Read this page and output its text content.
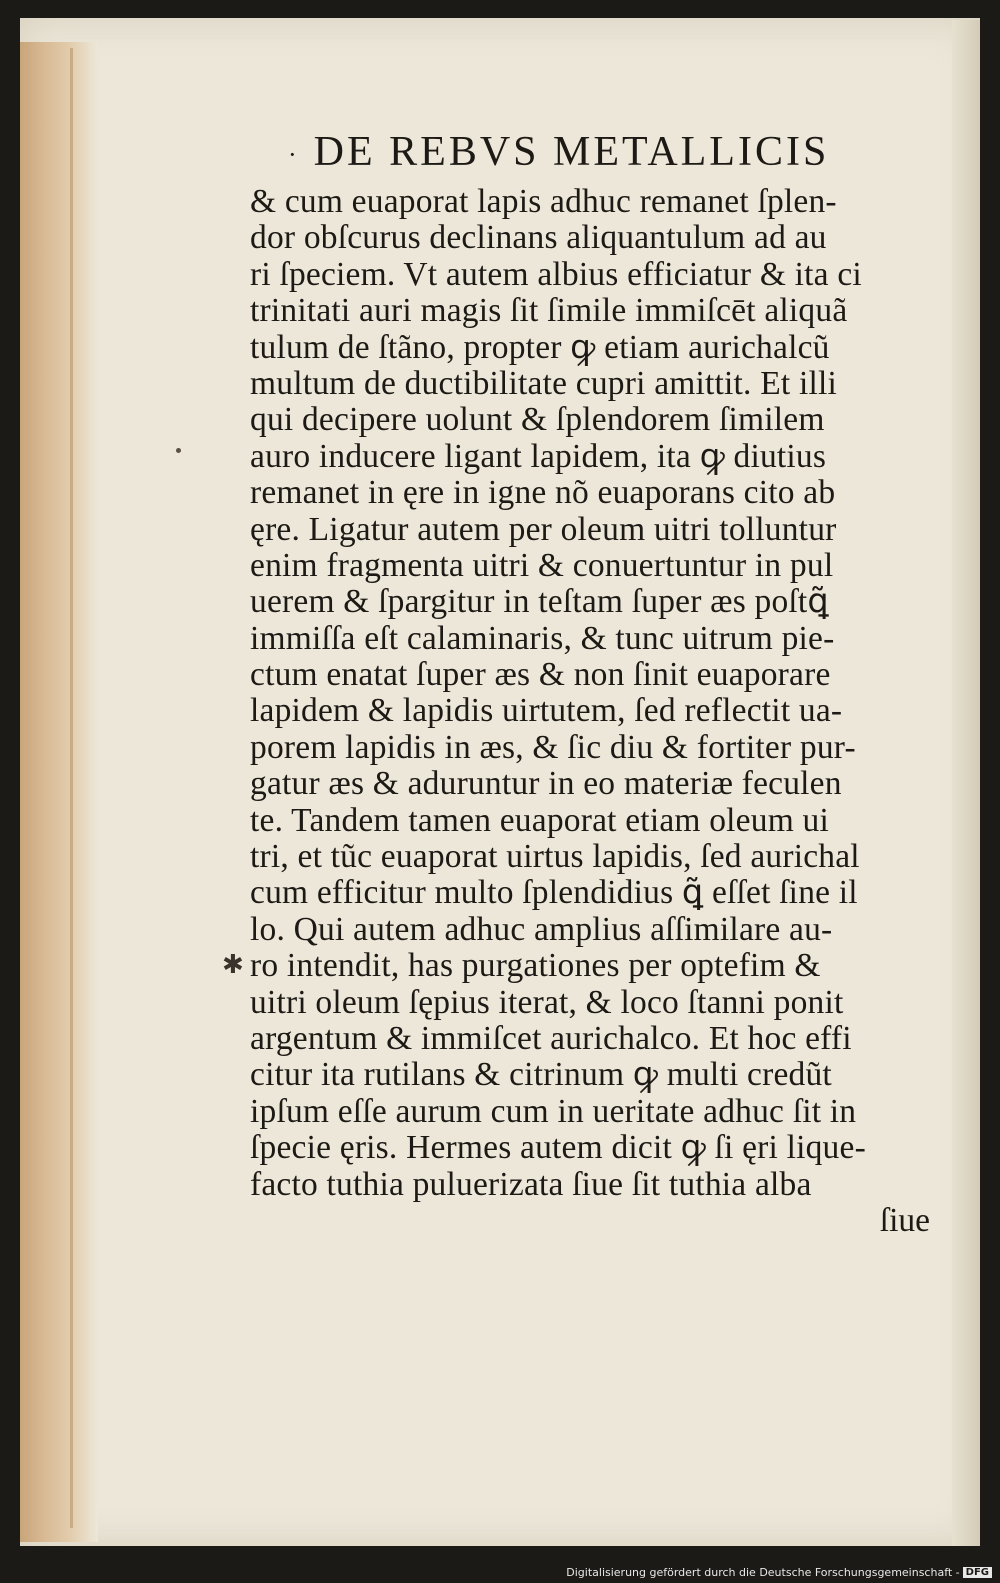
✱
· DE REBVS METALLICIS
& cum euaporat lapis adhuc remanet ſplen-
dor obſcurus declinans aliquantulum ad au
ri ſpeciem. Vt autem albius efficiatur & ita ci
trinitati auri magis ſit ſimile immiſcēt aliquã
tulum de ſtãno, propter ꝙ etiam aurichalcũ
multum de ductibilitate cupri amittit. Et illi
qui decipere uolunt & ſplendorem ſimilem
auro inducere ligant lapidem, ita ꝙ diutius
remanet in ęre in igne nõ euaporans cito ab
ęre. Ligatur autem per oleum uitri tolluntur
enim fragmenta uitri & conuertuntur in pul
uerem & ſpargitur in teſtam ſuper æs poſtꝗ̃
immiſſa eſt calaminaris, & tunc uitrum pie-
ctum enatat ſuper æs & non ſinit euaporare
lapidem & lapidis uirtutem, ſed reflectit ua-
porem lapidis in æs, & ſic diu & fortiter pur-
gatur æs & aduruntur in eo materiæ feculen
te. Tandem tamen euaporat etiam oleum ui
tri, et tũc euaporat uirtus lapidis, ſed aurichal
cum efficitur multo ſplendidius ꝗ̃ eſſet ſine il
lo. Qui autem adhuc amplius aſſimilare au-
ro intendit, has purgationes per optefim &
uitri oleum ſępius iterat, & loco ſtanni ponit
argentum & immiſcet aurichalco. Et hoc effi
citur ita rutilans & citrinum ꝙ multi credũt
ipſum eſſe aurum cum in ueritate adhuc ſit in
ſpecie ęris. Hermes autem dicit ꝙ ſi ęri lique-
facto tuthia puluerizata ſiue ſit tuthia alba
ſiue
Digitalisierung gefördert durch die Deutsche Forschungsgemeinschaft - DFG
